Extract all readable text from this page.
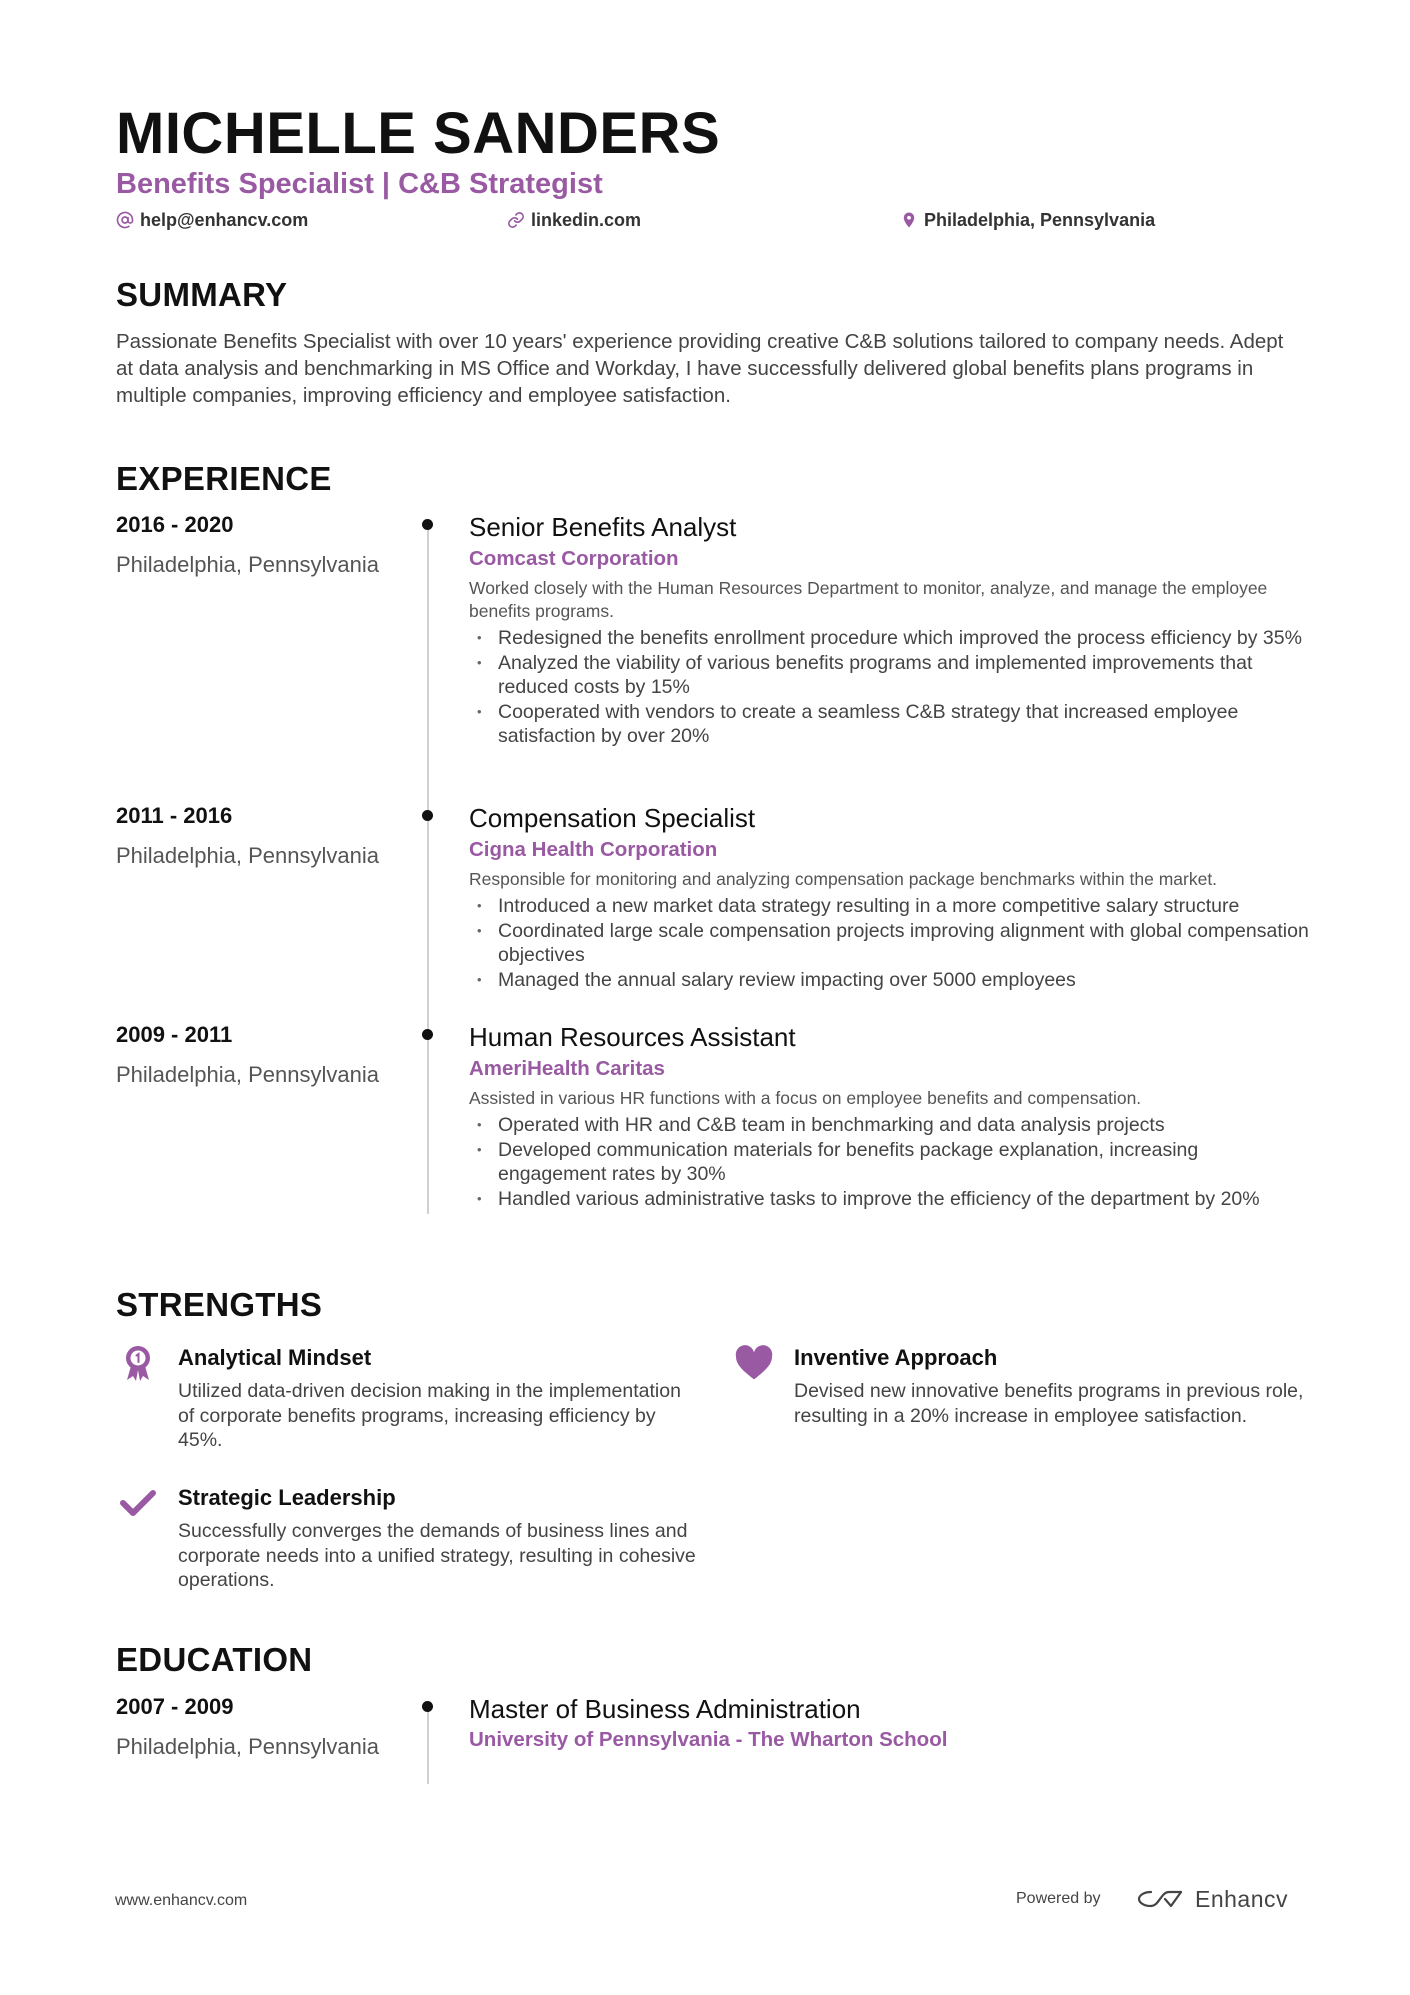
MICHELLE SANDERS
Benefits Specialist | C&B Strategist
help@enhancv.com	linkedin.com	Philadelphia, Pennsylvania
SUMMARY
Passionate Benefits Specialist with over 10 years' experience providing creative C&B solutions tailored to company needs. Adept at data analysis and benchmarking in MS Office and Workday, I have successfully delivered global benefits plans programs in multiple companies, improving efficiency and employee satisfaction.
EXPERIENCE
2016 - 2020
Philadelphia, Pennsylvania
Senior Benefits Analyst
Comcast Corporation
Worked closely with the Human Resources Department to monitor, analyze, and manage the employee benefits programs.
• Redesigned the benefits enrollment procedure which improved the process efficiency by 35%
• Analyzed the viability of various benefits programs and implemented improvements that reduced costs by 15%
• Cooperated with vendors to create a seamless C&B strategy that increased employee satisfaction by over 20%
2011 - 2016
Philadelphia, Pennsylvania
Compensation Specialist
Cigna Health Corporation
Responsible for monitoring and analyzing compensation package benchmarks within the market.
• Introduced a new market data strategy resulting in a more competitive salary structure
• Coordinated large scale compensation projects improving alignment with global compensation objectives
• Managed the annual salary review impacting over 5000 employees
2009 - 2011
Philadelphia, Pennsylvania
Human Resources Assistant
AmeriHealth Caritas
Assisted in various HR functions with a focus on employee benefits and compensation.
• Operated with HR and C&B team in benchmarking and data analysis projects
• Developed communication materials for benefits package explanation, increasing engagement rates by 30%
• Handled various administrative tasks to improve the efficiency of the department by 20%
STRENGTHS
Analytical Mindset
Utilized data-driven decision making in the implementation of corporate benefits programs, increasing efficiency by 45%.
Inventive Approach
Devised new innovative benefits programs in previous role, resulting in a 20% increase in employee satisfaction.
Strategic Leadership
Successfully converges the demands of business lines and corporate needs into a unified strategy, resulting in cohesive operations.
EDUCATION
2007 - 2009
Philadelphia, Pennsylvania
Master of Business Administration
University of Pennsylvania - The Wharton School
www.enhancv.com	Powered by	Enhancv
